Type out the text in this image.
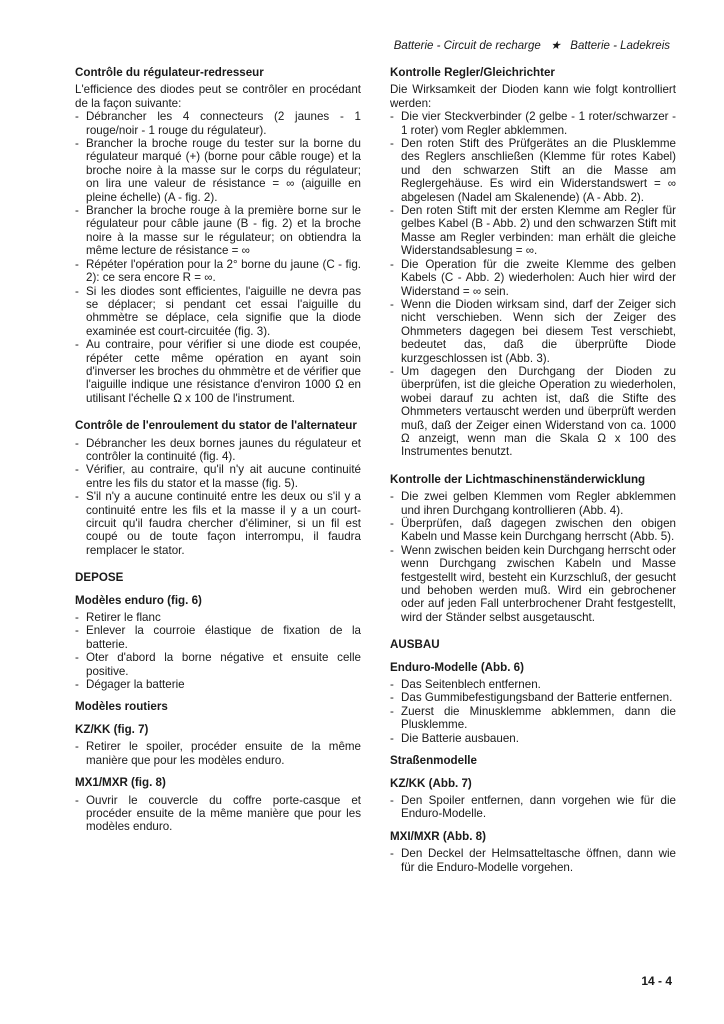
Batterie - Circuit de recharge ★ Batterie - Ladekreis

Contrôle du régulateur-redresseur

L'efficience des diodes peut se contrôler en procédant de la façon suivante:

- Débrancher les 4 connecteurs (2 jaunes - 1 rouge/noir - 1 rouge du régulateur).
- Brancher la broche rouge du tester sur la borne du régulateur marqué (+) (borne pour câble rouge) et la broche noire à la masse sur le corps du régulateur; on lira une valeur de résistance = ∞ (aiguille en pleine échelle) (A - fig. 2).
- Brancher la broche rouge à la première borne sur le régulateur pour câble jaune (B - fig. 2) et la broche noire à la masse sur le régulateur; on obtiendra la même lecture de résistance = ∞
- Répéter l'opération pour la 2° borne du jaune (C - fig. 2): ce sera encore R = ∞.
- Si les diodes sont efficientes, l'aiguille ne devra pas se déplacer; si pendant cet essai l'aiguille du ohmmètre se déplace, cela signifie que la diode examinée est court-circuitée (fig. 3).
- Au contraire, pour vérifier si une diode est coupée, répéter cette même opération en ayant soin d'inverser les broches du ohmmètre et de vérifier que l'aiguille indique une résistance d'environ 1000 Ω en utilisant l'échelle Ω x 100 de l'instrument.

Contrôle de l'enroulement du stator de l'alternateur

- Débrancher les deux bornes jaunes du régulateur et contrôler la continuité (fig. 4).
- Vérifier, au contraire, qu'il n'y ait aucune continuité entre les fils du stator et la masse (fig. 5).
- S'il n'y a aucune continuité entre les deux ou s'il y a continuité entre les fils et la masse il y a un court-circuit qu'il faudra chercher d'éliminer, si un fil est coupé ou de toute façon interrompu, il faudra remplacer le stator.

DEPOSE

Modèles enduro (fig. 6)

- Retirer le flanc
- Enlever la courroie élastique de fixation de la batterie.
- Oter d'abord la borne négative et ensuite celle positive.
- Dégager la batterie

Modèles routiers

KZ/KK (fig. 7)

- Retirer le spoiler, procéder ensuite de la même manière que pour les modèles enduro.

MX1/MXR (fig. 8)

- Ouvrir le couvercle du coffre porte-casque et procéder ensuite de la même manière que pour les modèles enduro.

Kontrolle Regler/Gleichrichter

Die Wirksamkeit der Dioden kann wie folgt kontrolliert werden:

- Die vier Steckverbinder (2 gelbe - 1 roter/schwarzer - 1 roter) vom Regler abklemmen.
- Den roten Stift des Prüfgerätes an die Plusklemme des Reglers anschließen (Klemme für rotes Kabel) und den schwarzen Stift an die Masse am Reglergehäuse. Es wird ein Widerstandswert = ∞ abgelesen (Nadel am Skalenende) (A - Abb. 2).
- Den roten Stift mit der ersten Klemme am Regler für gelbes Kabel (B - Abb. 2) und den schwarzen Stift mit Masse am Regler verbinden: man erhält die gleiche Widerstandsablesung = ∞.
- Die Operation für die zweite Klemme des gelben Kabels (C - Abb. 2) wiederholen: Auch hier wird der Widerstand = ∞ sein.
- Wenn die Dioden wirksam sind, darf der Zeiger sich nicht verschieben. Wenn sich der Zeiger des Ohmmeters dagegen bei diesem Test verschiebt, bedeutet das, daß die überprüfte Diode kurzgeschlossen ist (Abb. 3).
- Um dagegen den Durchgang der Dioden zu überprüfen, ist die gleiche Operation zu wiederholen, wobei darauf zu achten ist, daß die Stifte des Ohmmeters vertauscht werden und überprüft werden muß, daß der Zeiger einen Widerstand von ca. 1000 Ω anzeigt, wenn man die Skala Ω x 100 des Instrumentes benutzt.

Kontrolle der Lichtmaschinenständerwicklung

- Die zwei gelben Klemmen vom Regler abklemmen und ihren Durchgang kontrollieren (Abb. 4).
- Überprüfen, daß dagegen zwischen den obigen Kabeln und Masse kein Durchgang herrscht (Abb. 5).
- Wenn zwischen beiden kein Durchgang herrscht oder wenn Durchgang zwischen Kabeln und Masse festgestellt wird, besteht ein Kurzschluß, der gesucht und behoben werden muß. Wird ein gebrochener oder auf jeden Fall unterbrochener Draht festgestellt, wird der Ständer selbst ausgetauscht.

AUSBAU

Enduro-Modelle (Abb. 6)

- Das Seitenblech entfernen.
- Das Gummibefestigungsband der Batterie entfernen.
- Zuerst die Minusklemme abklemmen, dann die Plusklemme.
- Die Batterie ausbauen.

Straßenmodelle

KZ/KK (Abb. 7)

- Den Spoiler entfernen, dann vorgehen wie für die Enduro-Modelle.

MXI/MXR (Abb. 8)

- Den Deckel der Helmsatteltasche öffnen, dann wie für die Enduro-Modelle vorgehen.
14 - 4
